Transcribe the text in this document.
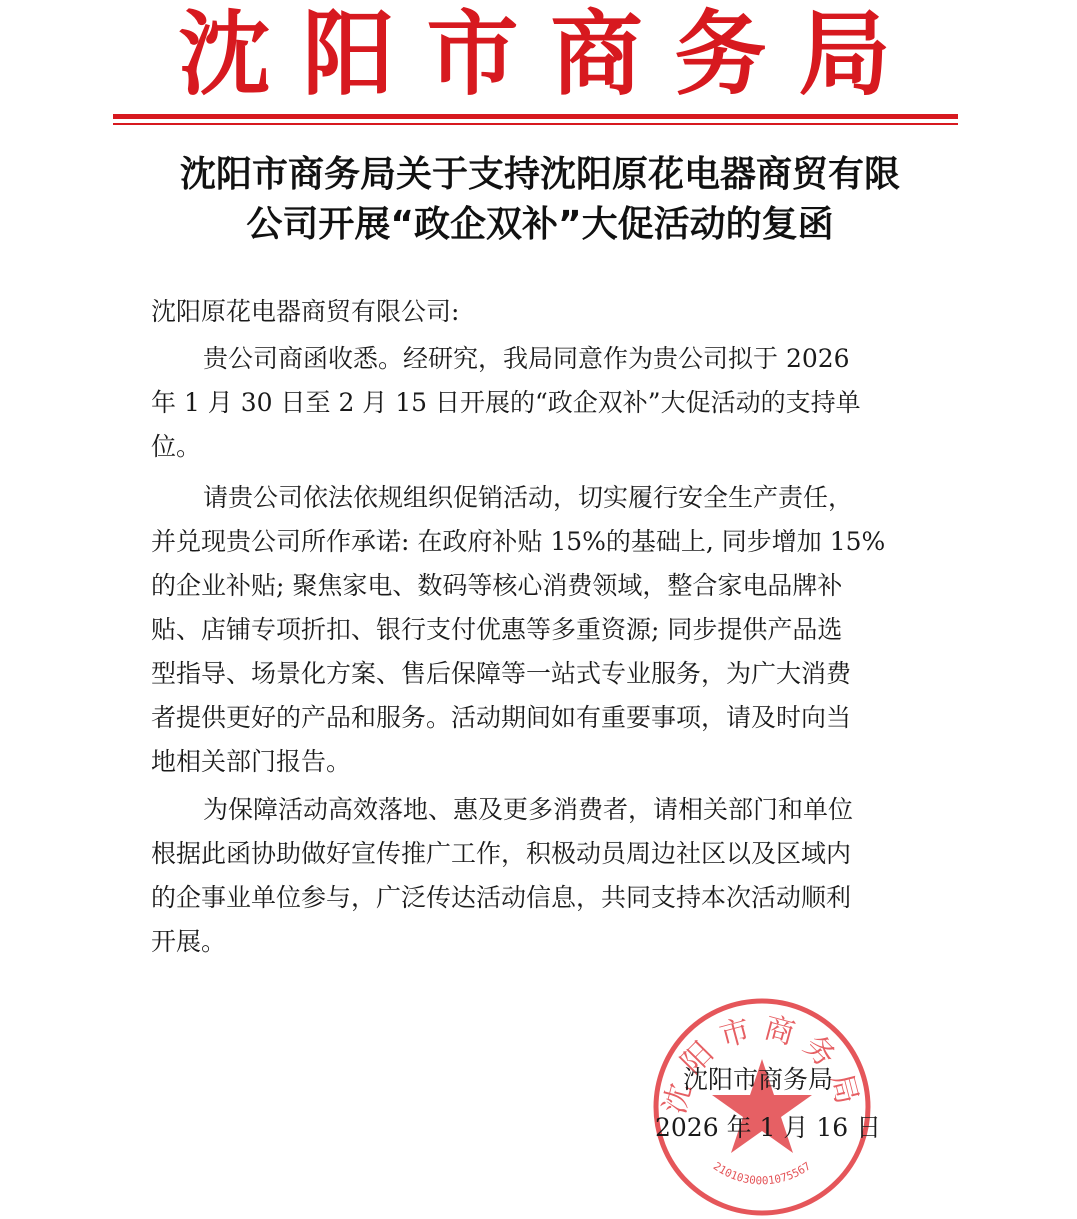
沈阳市商务局
沈阳市商务局关于支持沈阳原花电器商贸有限
公司开展“政企双补”大促活动的复函
沈阳原花电器商贸有限公司:
贵公司商函收悉。经研究，我局同意作为贵公司拟于 2026
年 1 月 30 日至 2 月 15 日开展的“政企双补”大促活动的支持单
位。
请贵公司依法依规组织促销活动，切实履行安全生产责任，
并兑现贵公司所作承诺: 在政府补贴 15%的基础上, 同步增加 15%
的企业补贴; 聚焦家电、数码等核心消费领域，整合家电品牌补
贴、店铺专项折扣、银行支付优惠等多重资源; 同步提供产品选
型指导、场景化方案、售后保障等一站式专业服务，为广大消费
者提供更好的产品和服务。活动期间如有重要事项，请及时向当
地相关部门报告。
为保障活动高效落地、惠及更多消费者，请相关部门和单位
根据此函协助做好宣传推广工作，积极动员周边社区以及区域内
的企事业单位参与，广泛传达活动信息，共同支持本次活动顺利
开展。
沈阳市商务局
2101030001075567
沈阳市商务局
2026 年 1 月 16 日
